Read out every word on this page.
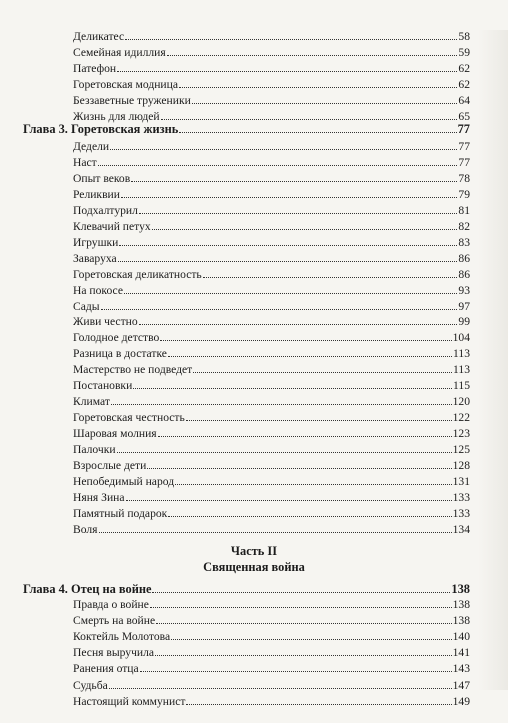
Деликатес	58
Семейная идиллия	59
Патефон	62
Горетовская модница	62
Беззаветные труженики	64
Жизнь для людей	65
Глава 3. Горетовская жизнь	77
Дедели	77
Наст	77
Опыт веков	78
Реликвии	79
Подхалтурил	81
Клевачий петух	82
Игрушки	83
Заваруха	86
Горетовская деликатность	86
На покосе	93
Сады	97
Живи честно	99
Голодное детство	104
Разница в достатке	113
Мастерство не подведет	113
Постановки	115
Климат	120
Горетовская честность	122
Шаровая молния	123
Палочки	125
Взрослые дети	128
Непобедимый народ	131
Няня Зина	133
Памятный подарок	133
Воля	134
Часть II
Священная война
Глава 4. Отец на войне	138
Правда о войне	138
Смерть на войне	138
Коктейль Молотова	140
Песня выручила	141
Ранения отца	143
Судьба	147
Настоящий коммунист	149
